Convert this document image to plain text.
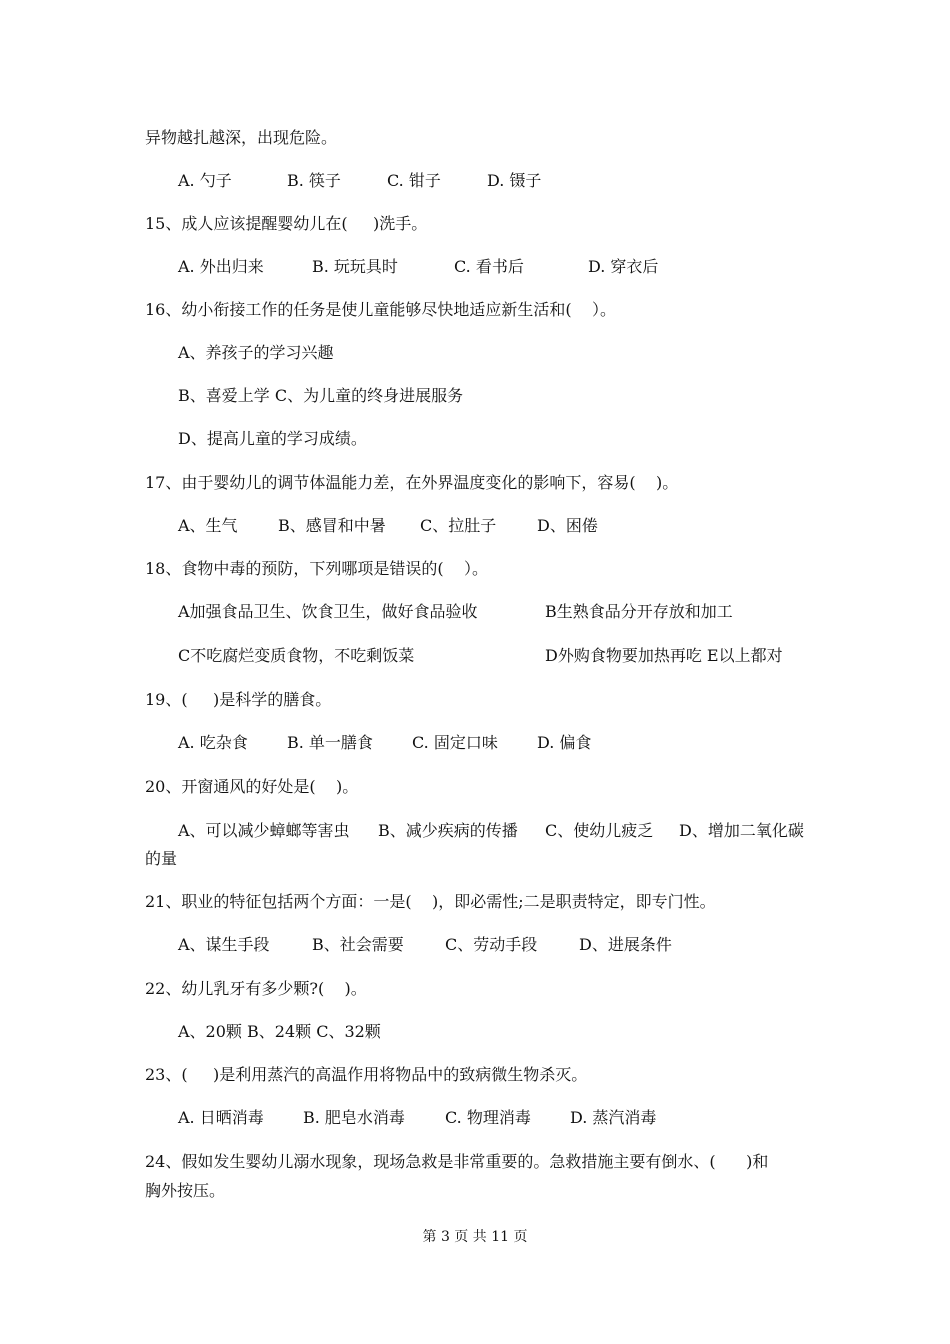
异物越扎越深，出现危险。
A. 勺子	B. 筷子	C. 钳子	D. 镊子
15、成人应该提醒婴幼儿在(     )洗手。
A. 外出归来	B. 玩玩具时	C. 看书后	D. 穿衣后
16、幼小衔接工作的任务是使儿童能够尽快地适应新生活和(    ）。
A、养孩子的学习兴趣
B、喜爱上学 C、为儿童的终身进展服务
D、提高儿童的学习成绩。
17、由于婴幼儿的调节体温能力差，在外界温度变化的影响下，容易(    )。
A、生气	B、感冒和中暑 C、拉肚子	D、困倦
18、食物中毒的预防，下列哪项是错误的(    ）。
A加强食品卫生、饮食卫生，做好食品验收	B生熟食品分开存放和加工
C不吃腐烂变质食物，不吃剩饭菜	D外购食物要加热再吃 E以上都对
19、(     )是科学的膳食。
A. 吃杂食 B. 单一膳食 C. 固定口味 D. 偏食
20、开窗通风的好处是(    )。
A、可以减少蟑螂等害虫 B、减少疾病的传播 C、使幼儿疲乏 D、增加二氧化碳
的量
21、职业的特征包括两个方面：一是(    )，即必需性;二是职责特定，即专门性。
A、谋生手段	B、社会需要	C、劳动手段	D、进展条件
22、幼儿乳牙有多少颗?(    )。
A、20颗 B、24颗 C、32颗
23、(     )是利用蒸汽的高温作用将物品中的致病微生物杀灭。
A. 日晒消毒 B. 肥皂水消毒	C. 物理消毒 D. 蒸汽消毒
24、假如发生婴幼儿溺水现象，现场急救是非常重要的。急救措施主要有倒水、(      )和
胸外按压。
第 3 页 共 11 页
